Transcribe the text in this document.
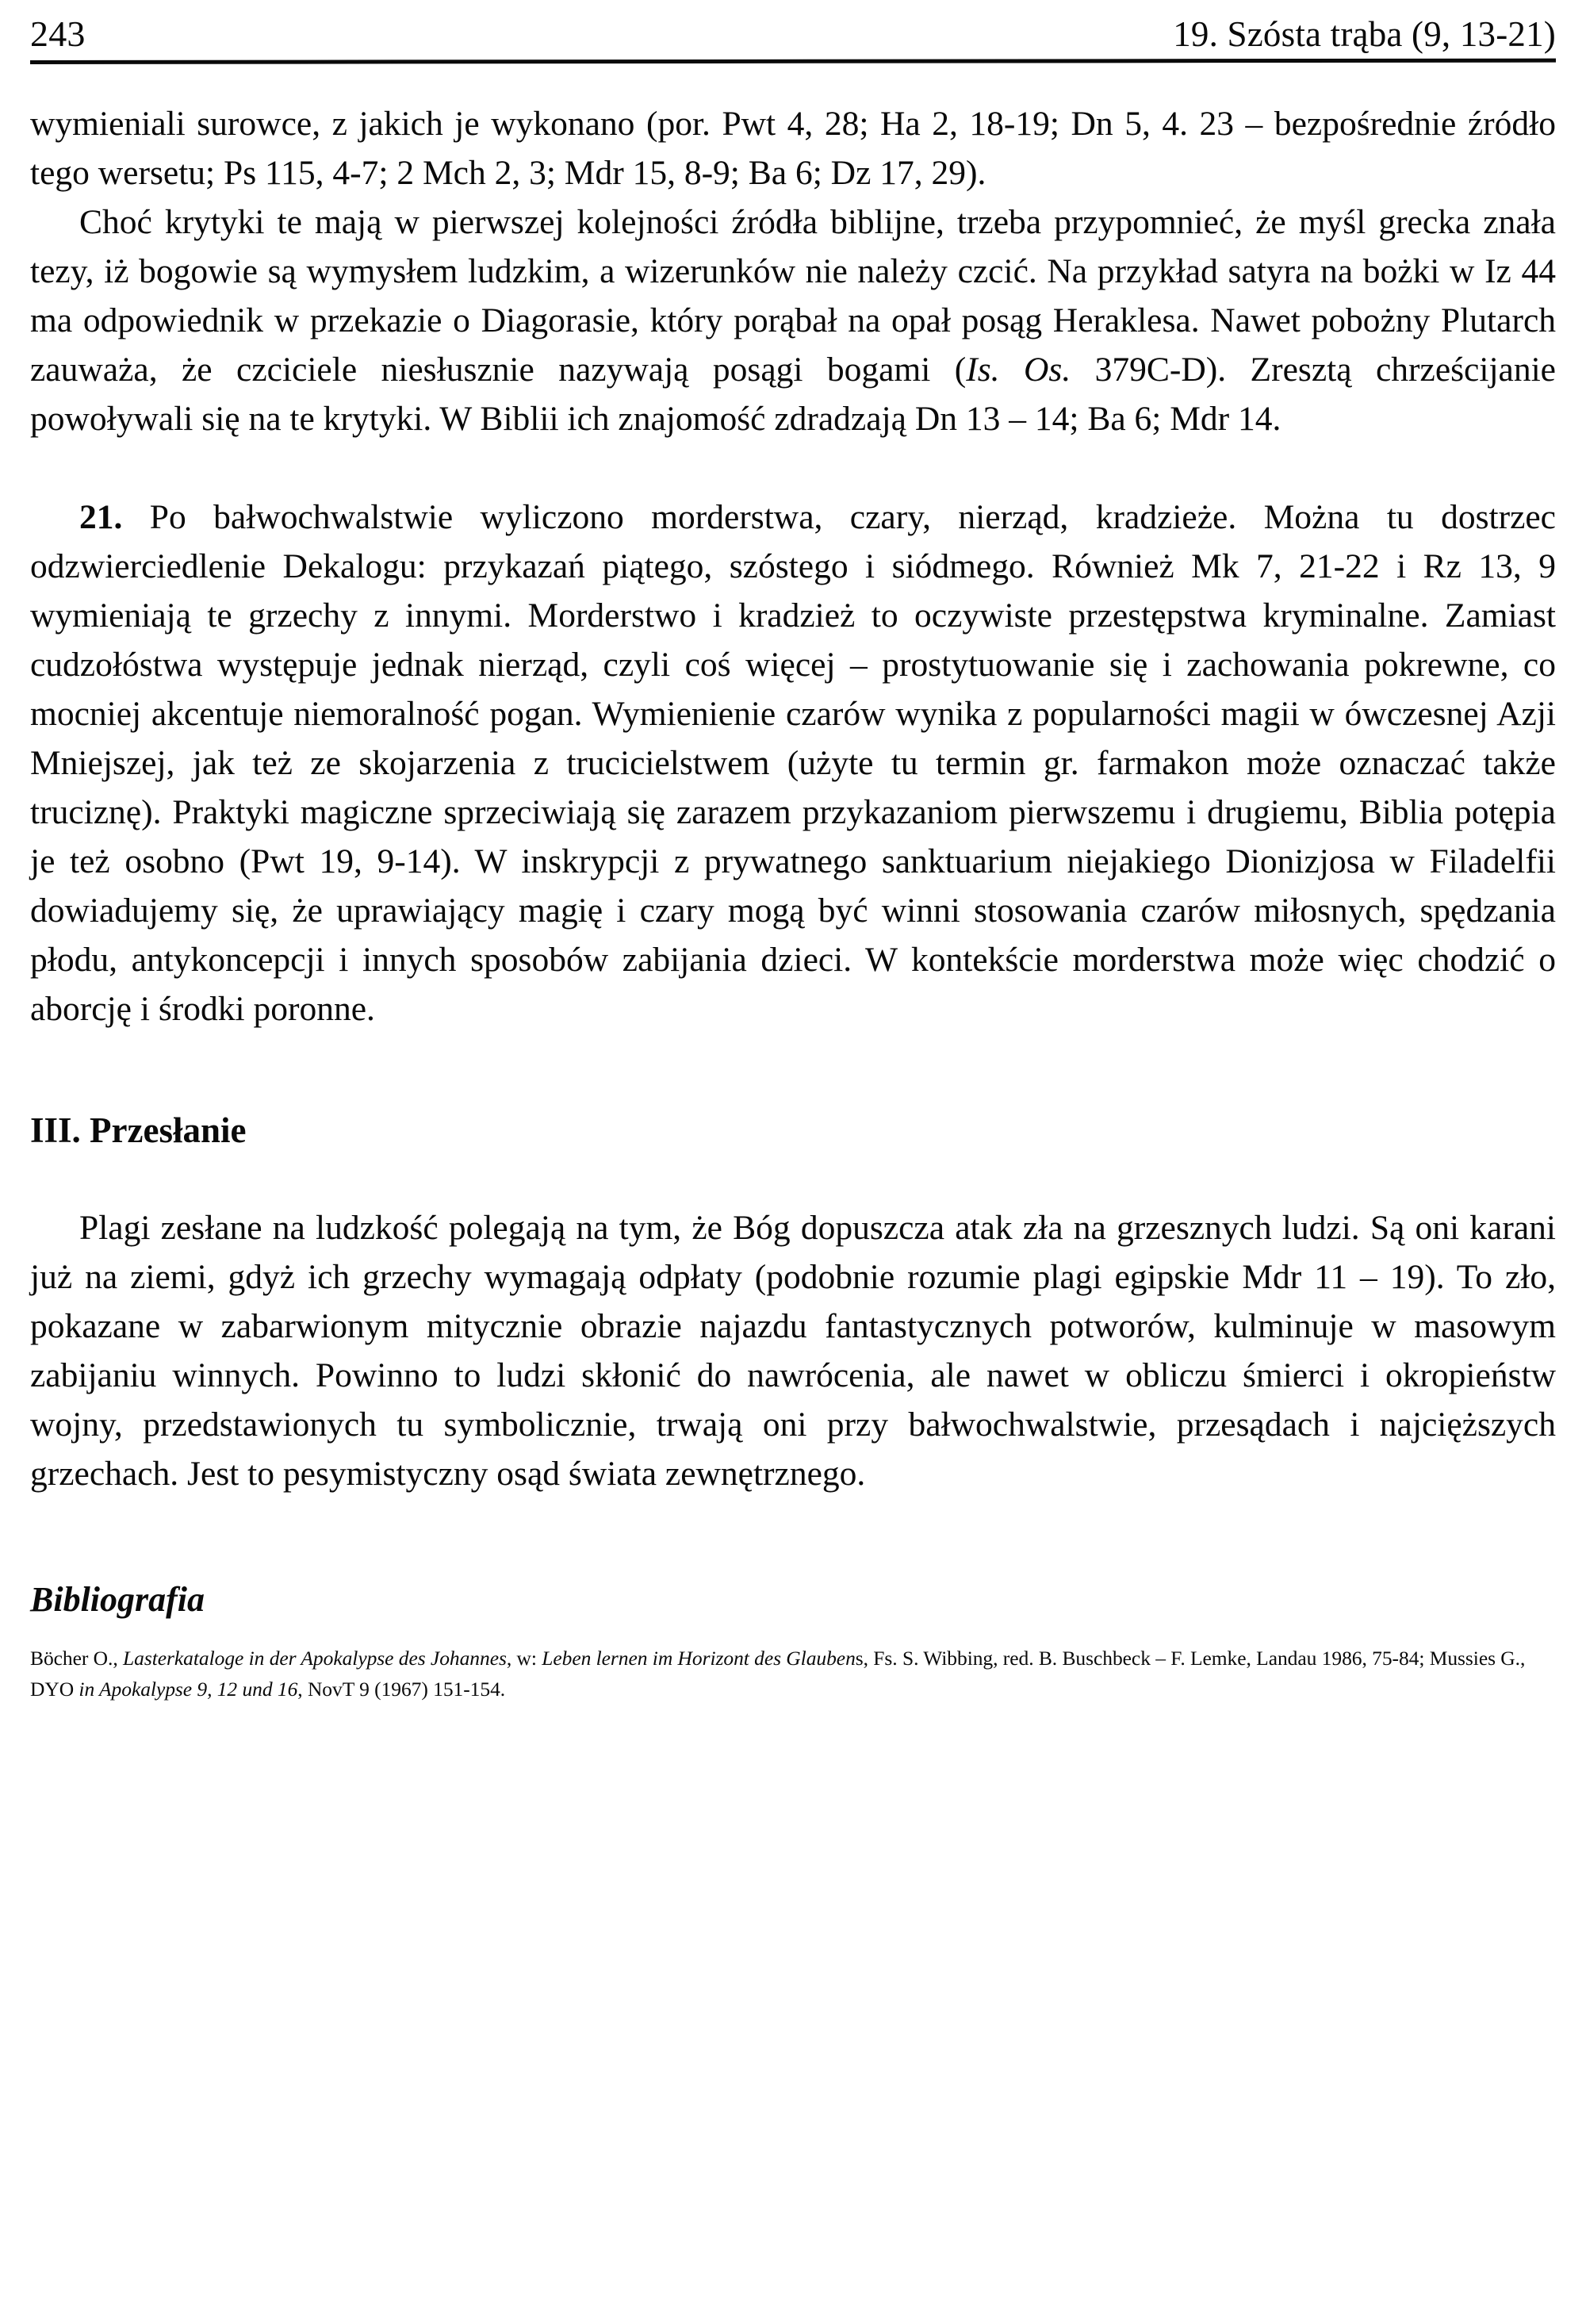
243	19. Szósta trąba (9, 13-21)

wymieniali surowce, z jakich je wykonano (por. Pwt 4, 28; Ha 2, 18-19; Dn 5, 4. 23 – bezpośrednie źródło tego wersetu; Ps 115, 4-7; 2 Mch 2, 3; Mdr 15, 8-9; Ba 6; Dz 17, 29).

Choć krytyki te mają w pierwszej kolejności źródła biblijne, trzeba przypomnieć, że myśl grecka znała tezy, iż bogowie są wymysłem ludzkim, a wizerunków nie należy czcić. Na przykład satyra na bożki w Iz 44 ma odpowiednik w przekazie o Diagorasie, który porąbał na opał posąg Heraklesa. Nawet pobożny Plutarch zauważa, że czciciele niesłusznie nazywają posągi bogami (Is. Os. 379C-D). Zresztą chrześcijanie powoływali się na te krytyki. W Biblii ich znajomość zdradzają Dn 13 – 14; Ba 6; Mdr 14.

21. Po bałwochwalstwie wyliczono morderstwa, czary, nierząd, kradzieże. Można tu dostrzec odzwierciedlenie Dekalogu: przykazań piątego, szóstego i siódmego. Również Mk 7, 21-22 i Rz 13, 9 wymieniają te grzechy z innymi. Morderstwo i kradzież to oczywiste przestępstwa kryminalne. Zamiast cudzołóstwa występuje jednak nierząd, czyli coś więcej – prostytuowanie się i zachowania pokrewne, co mocniej akcentuje niemoralność pogan. Wymienienie czarów wynika z popularności magii w ówczesnej Azji Mniejszej, jak też ze skojarzenia z trucicielstwem (użyte tu termin gr. farmakon może oznaczać także truciznę). Praktyki magiczne sprzeciwiają się zarazem przykazaniom pierwszemu i drugiemu, Biblia potępia je też osobno (Pwt 19, 9-14). W inskrypcji z prywatnego sanktuarium niejakiego Dionizjosa w Filadelfii dowiadujemy się, że uprawiający magię i czary mogą być winni stosowania czarów miłosnych, spędzania płodu, antykoncepcji i innych sposobów zabijania dzieci. W kontekście morderstwa może więc chodzić o aborcję i środki poronne.

III. Przesłanie

Plagi zesłane na ludzkość polegają na tym, że Bóg dopuszcza atak zła na grzesznych ludzi. Są oni karani już na ziemi, gdyż ich grzechy wymagają odpłaty (podobnie rozumie plagi egipskie Mdr 11 – 19). To zło, pokazane w zabarwionym mitycznie obrazie najazdu fantastycznych potworów, kulminuje w masowym zabijaniu winnych. Powinno to ludzi skłonić do nawrócenia, ale nawet w obliczu śmierci i okropieństw wojny, przedstawionych tu symbolicznie, trwają oni przy bałwochwalstwie, przesądach i najcięższych grzechach. Jest to pesymistyczny osąd świata zewnętrznego.

Bibliografia

Böcher O., Lasterkataloge in der Apokalypse des Johannes, w: Leben lernen im Horizont des Glaubens, Fs. S. Wibbing, red. B. Buschbeck – F. Lemke, Landau 1986, 75-84; Mussies G., DYO in Apokalypse 9, 12 und 16, NovT 9 (1967) 151-154.
